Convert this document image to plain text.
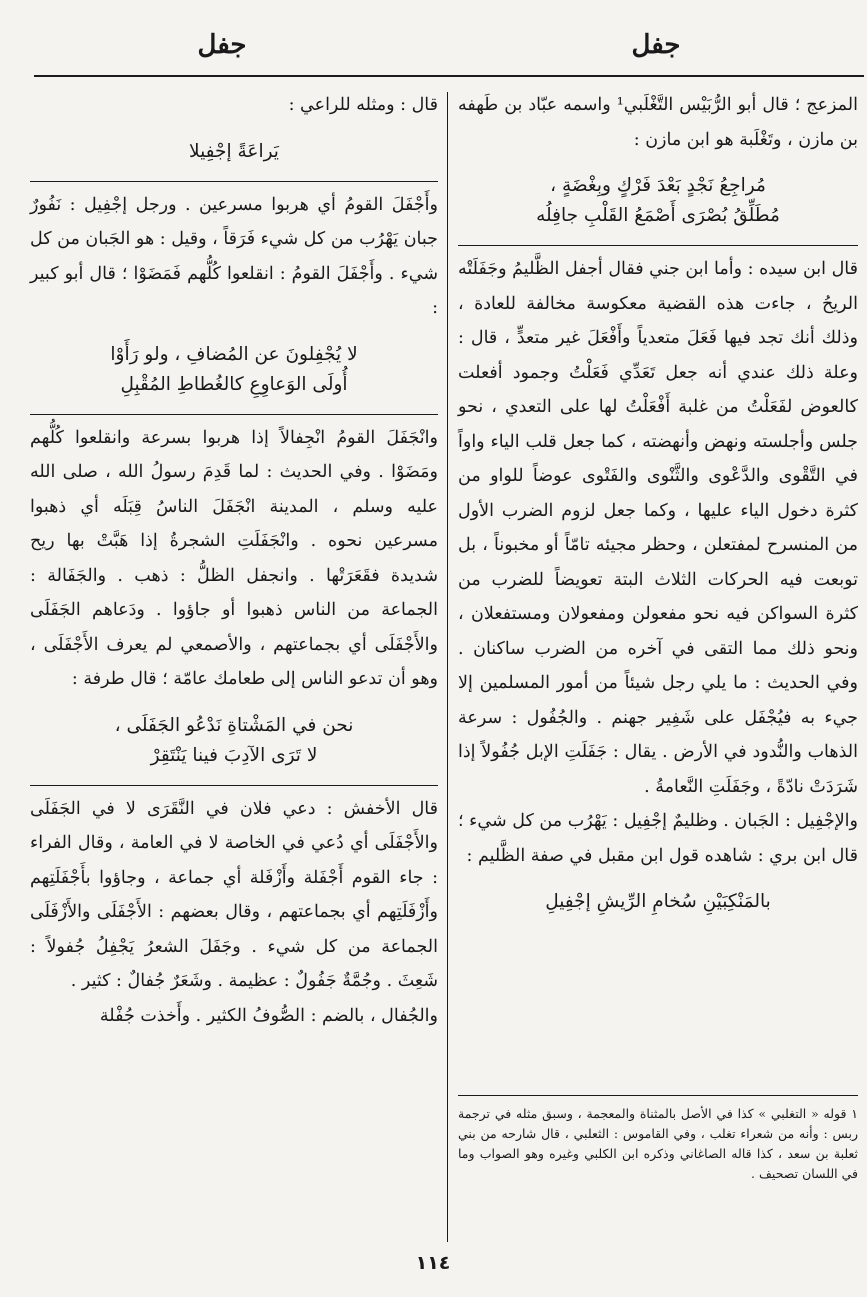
جفل
جفل

المزعج ؛ قال أبو الرُّبَيْس التَّغْلَبي¹ واسمه عبّاد بن طَهفه بن مازن ، وتَغْلَبة هو ابن مازن :

مُراجِعُ نَجْدٍ بَعْدَ فَرْكٍ وبِغْضَةٍ ،
مُطَلِّقُ بُصْرَى أَصْمَعُ القَلْبِ جافِلُه

قال ابن سيده : وأما ابن جني فقال أجفل الظَّليمُ وجَفَلَتْه الريحُ ، جاءت هذه القضية معكوسة مخالفة للعادة ، وذلك أنك تجد فيها فَعَلَ متعدياً وأَفْعَلَ غير متعدٍّ ، قال : وعلة ذلك عندي أنه جعل تَعَدِّي فَعَلْتُ وجمود أفعلت كالعوض لفَعَلْتُ من غلبة أَفْعَلْتُ لها على التعدي ، نحو جلس وأجلسته ونهض وأنهضته ، كما جعل قلب الياء واواً في التَّقْوى والدَّعْوى والثَّنْوى والفَتْوى عوضاً للواو من كثرة دخول الياء عليها ، وكما جعل لزوم الضرب الأول من المنسرح لمفتعلن ، وحظر مجيئه تامّاً أو مخبوناً ، بل توبعت فيه الحركات الثلاث البتة تعويضاً للضرب من كثرة السواكن فيه نحو مفعولن ومفعولان ومستفعلان ، ونحو ذلك مما التقى في آخره من الضرب ساكنان . وفي الحديث : ما يلي رجل شيئاً من أمور المسلمين إلا جيء به فيُجْفَل على شَفِير جهنم . والجُفُول : سرعة الذهاب والنُّدود في الأرض . يقال : جَفَلَتِ الإبل جُفُولاً إذا شَرَدَتْ نادّةً ، وجَفَلَتِ النَّعامةُ .

والإجْفِيل : الجَبان . وظليمٌ إجْفِيل : يَهْرُب من كل شيء ؛ قال ابن بري : شاهده قول ابن مقبل في صفة الظَّليم :

بالمَنْكِبَيْنِ سُخامِ الرِّيشِ إجْفِيلِ

١ قوله « التغلبي » كذا في الأصل بالمثناة والمعجمة ، وسبق مثله في ترجمة ربس : وأنه من شعراء تغلب ، وفي القاموس : الثعلبي ، قال شارحه من بني ثعلبة بن سعد ، كذا قاله الصاغاني وذكره ابن الكلبي وغيره وهو الصواب وما في اللسان تصحيف .

قال : ومثله للراعي :

يَراعَةً إجْفِيلا

وأَجْفَلَ القومُ أي هربوا مسرعين . ورجل إجْفِيل : نَفُورٌ جبان يَهْرُب من كل شيء فَرَقاً ، وقيل : هو الجَبان من كل شيء . وأَجْفَلَ القومُ : انقلعوا كُلُّهم فَمَضَوْا ؛ قال أبو كبير :

لا يُجْفِلونَ عن المُضافِ ، ولو رَأَوْا
أُولَى الوَعاوِعِ كالغُطاطِ المُقْبِلِ

وانْجَفَلَ القومُ انْجِفالاً إذا هربوا بسرعة وانقلعوا كُلُّهم ومَضَوْا . وفي الحديث : لما قَدِمَ رسولُ الله ، صلى الله عليه وسلم ، المدينة انْجَفَلَ الناسُ قِبَلَه أي ذهبوا مسرعين نحوه . وانْجَفَلَتِ الشجرةُ إذا هَبَّتْ بها ريح شديدة فقَعَرَتْها . وانجفل الظلُّ : ذهب . والجَفَالة : الجماعة من الناس ذهبوا أو جاؤوا . ودَعاهم الجَفَلَى والأَجْفَلَى أي بجماعتهم ، والأصمعي لم يعرف الأَجْفَلَى ، وهو أن تدعو الناس إلى طعامك عامّة ؛ قال طرفة :

نحن في المَشْتاةِ نَدْعُو الجَفَلَى ،
لا تَرَى الآدِبَ فينا يَنْتَقِرْ

قال الأخفش : دعي فلان في النَّقَرَى لا في الجَفَلَى والأَجْفَلَى أي دُعي في الخاصة لا في العامة ، وقال الفراء : جاء القوم أَجْفَلة وأَزْفَلة أي جماعة ، وجاؤوا بأَجْفَلَتِهم وأَزْفَلَتِهم أي بجماعتهم ، وقال بعضهم : الأَجْفَلَى والأَزْفَلَى الجماعة من كل شيء . وجَفَلَ الشعرُ يَجْفِلُ جُفولاً : شَعِثَ . وجُمَّةٌ جَفُولٌ : عظيمة . وشَعَرٌ جُفالٌ : كثير .

والجُفال ، بالضم : الصُّوفُ الكثير . وأَخذت جُفْلة

١١٤
